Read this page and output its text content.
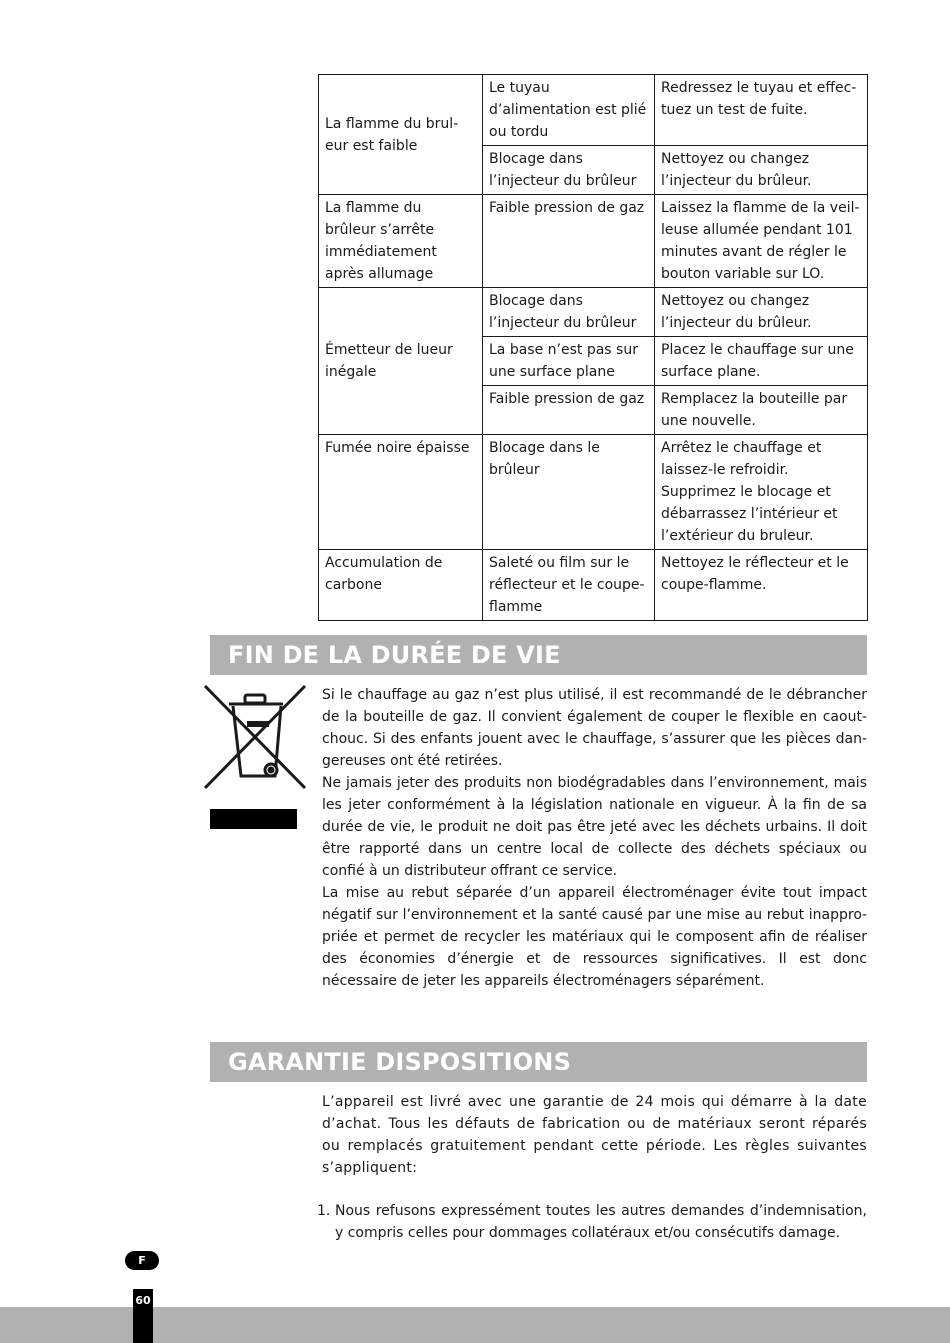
La flamme du bruleur est faible	Le tuyau d’alimentation est plié ou tordu	Redressez le tuyau et effectuez un test de fuite.
	Blocage dans l’injecteur du brûleur	Nettoyez ou changez l’injecteur du brûleur.
La flamme du brûleur s’arrête immédiatement après allumage	Faible pression de gaz	Laissez la flamme de la veilleuse allumée pendant 101 minutes avant de régler le bouton variable sur LO.
Émetteur de lueur inégale	Blocage dans l’injecteur du brûleur	Nettoyez ou changez l’injecteur du brûleur.
	La base n’est pas sur une surface plane	Placez le chauffage sur une surface plane.
	Faible pression de gaz	Remplacez la bouteille par une nouvelle.
Fumée noire épaisse	Blocage dans le brûleur	Arrêtez le chauffage et laissez-le refroidir. Supprimez le blocage et débarrassez l’intérieur et l’extérieur du bruleur.
Accumulation de carbone	Saleté ou film sur le réflecteur et le coupe-flamme	Nettoyez le réflecteur et le coupe-flamme.
FIN DE LA DURÉE DE VIE

Si le chauffage au gaz n’est plus utilisé, il est recommandé de le débrancher de la bouteille de gaz. Il convient également de couper le flexible en caoutchouc. Si des enfants jouent avec le chauffage, s’assurer que les pièces dangereuses ont été retirées.

Ne jamais jeter des produits non biodégradables dans l’environnement, mais les jeter conformément à la législation nationale en vigueur. À la fin de sa durée de vie, le produit ne doit pas être jeté avec les déchets urbains. Il doit être rapporté dans un centre local de collecte des déchets spéciaux ou confié à un distributeur offrant ce service.

La mise au rebut séparée d’un appareil électroménager évite tout impact négatif sur l’environnement et la santé causé par une mise au rebut inappropriée et permet de recycler les matériaux qui le composent afin de réaliser des économies d’énergie et de ressources significatives. Il est donc nécessaire de jeter les appareils électroménagers séparément.

GARANTIE DISPOSITIONS
L’appareil est livré avec une garantie de 24 mois qui démarre à la date d’achat. Tous les défauts de fabrication ou de matériaux seront réparés ou remplacés gratuitement pendant cette période. Les règles suivantes s’appliquent:
1. Nous refusons expressément toutes les autres demandes d’indemnisation, y compris celles pour dommages collatéraux et/ou consécutifs damage.
F
60
